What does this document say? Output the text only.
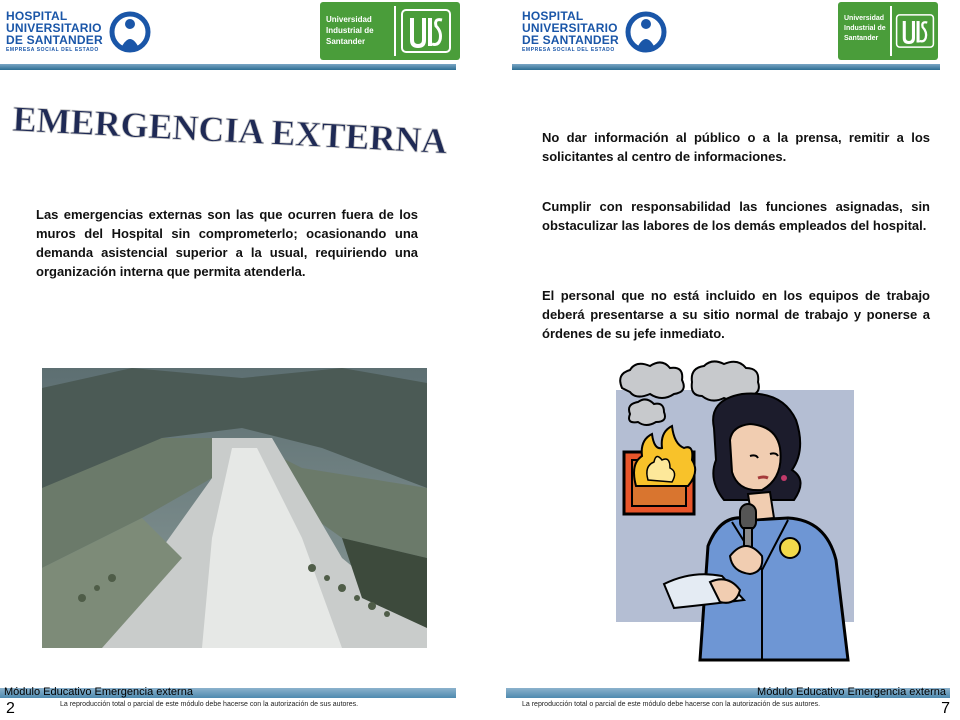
HOSPITAL
UNIVERSITARIO
DE SANTANDER
EMPRESA SOCIAL DEL ESTADO
Universidad
Industrial de
Santander
EMERGENCIA EXTERNA
Las emergencias externas son las que ocurren fuera de los muros del Hospital sin comprometerlo; ocasionando una demanda asistencial superior a la usual, requiriendo una organización interna que permita atenderla.
Módulo Educativo Emergencia externa
2	La reproducción total o parcial de este módulo debe hacerse con la autorización de sus autores.
HOSPITAL
UNIVERSITARIO
DE SANTANDER
EMPRESA SOCIAL DEL ESTADO
Universidad
Industrial de
Santander
No dar información al público o a la prensa, remitir a los solicitantes al centro de informaciones.
Cumplir con responsabilidad las funciones asignadas, sin obstaculizar las labores de los demás empleados del hospital.
El personal que no está incluido en los equipos de trabajo deberá presentarse a su sitio normal de trabajo y ponerse a órdenes de su jefe inmediato.
Módulo Educativo Emergencia externa
7
La reproducción total o parcial de este módulo debe hacerse con la autorización de sus autores.
